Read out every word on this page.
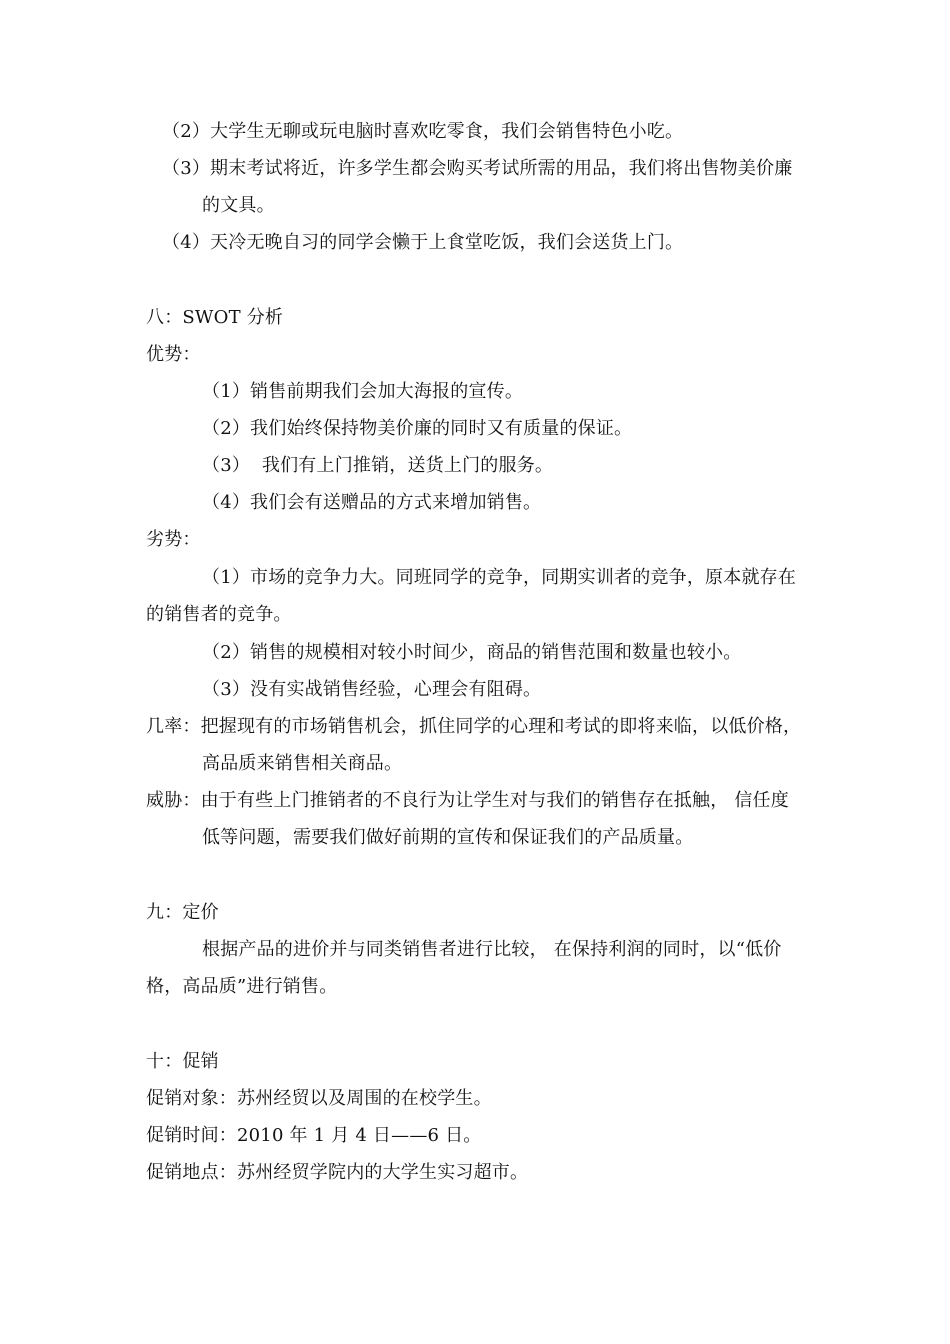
（2）大学生无聊或玩电脑时喜欢吃零食，我们会销售特色小吃。
（3）期末考试将近，许多学生都会购买考试所需的用品，我们将出售物美价廉
的文具。
（4）天冷无晚自习的同学会懒于上食堂吃饭，我们会送货上门。
八：SWOT 分析
优势：
（1）销售前期我们会加大海报的宣传。
（2）我们始终保持物美价廉的同时又有质量的保证。
（3）  我们有上门推销，送货上门的服务。
（4）我们会有送赠品的方式来增加销售。
劣势：
（1）市场的竞争力大。同班同学的竞争，同期实训者的竞争，原本就存在
的销售者的竞争。
（2）销售的规模相对较小时间少，商品的销售范围和数量也较小。
（3）没有实战销售经验，心理会有阻碍。
几率：把握现有的市场销售机会，抓住同学的心理和考试的即将来临，以低价格，
高品质来销售相关商品。
威胁：由于有些上门推销者的不良行为让学生对与我们的销售存在抵触， 信任度
低等问题，需要我们做好前期的宣传和保证我们的产品质量。
九：定价
根据产品的进价并与同类销售者进行比较， 在保持利润的同时，以“低价
格，高品质”进行销售。
十：促销
促销对象：苏州经贸以及周围的在校学生。
促销时间：2010 年 1 月 4 日——6 日。
促销地点：苏州经贸学院内的大学生实习超市。
